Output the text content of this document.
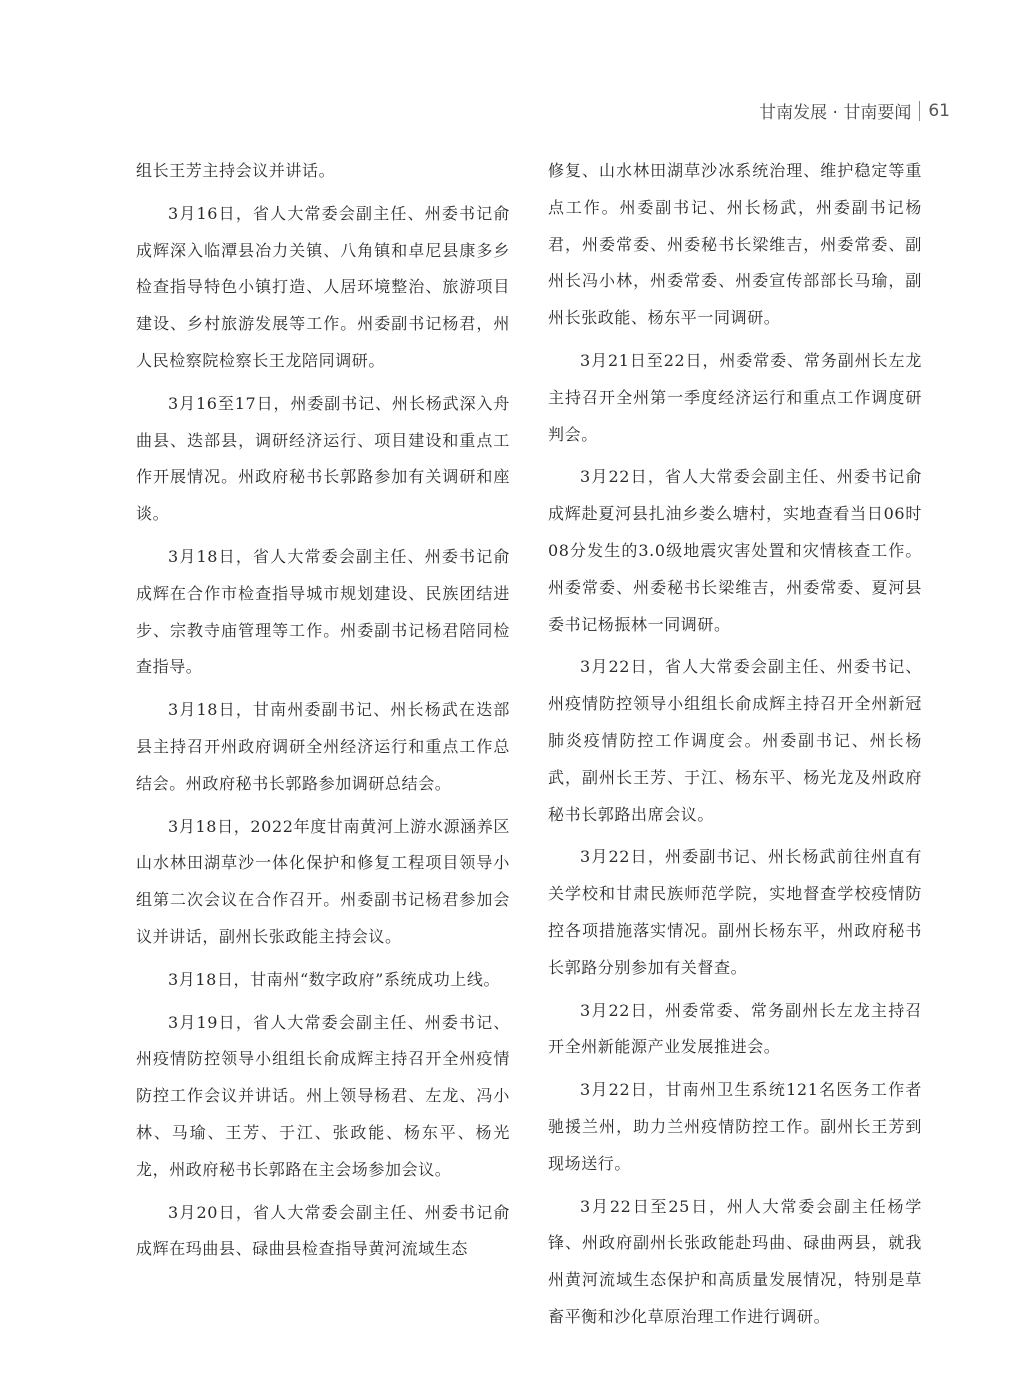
甘南发展 · 甘南要闻 61

组长王芳主持会议并讲话。

3月16日，省人大常委会副主任、州委书记俞成辉深入临潭县冶力关镇、八角镇和卓尼县康多乡检查指导特色小镇打造、人居环境整治、旅游项目建设、乡村旅游发展等工作。州委副书记杨君，州人民检察院检察长王龙陪同调研。

3月16至17日，州委副书记、州长杨武深入舟曲县、迭部县，调研经济运行、项目建设和重点工作开展情况。州政府秘书长郭路参加有关调研和座谈。

3月18日，省人大常委会副主任、州委书记俞成辉在合作市检查指导城市规划建设、民族团结进步、宗教寺庙管理等工作。州委副书记杨君陪同检查指导。

3月18日，甘南州委副书记、州长杨武在迭部县主持召开州政府调研全州经济运行和重点工作总结会。州政府秘书长郭路参加调研总结会。

3月18日，2022年度甘南黄河上游水源涵养区山水林田湖草沙一体化保护和修复工程项目领导小组第二次会议在合作召开。州委副书记杨君参加会议并讲话，副州长张政能主持会议。

3月18日，甘南州“数字政府”系统成功上线。

3月19日，省人大常委会副主任、州委书记、州疫情防控领导小组组长俞成辉主持召开全州疫情防控工作会议并讲话。州上领导杨君、左龙、冯小林、马瑜、王芳、于江、张政能、杨东平、杨光龙，州政府秘书长郭路在主会场参加会议。

3月20日，省人大常委会副主任、州委书记俞成辉在玛曲县、碌曲县检查指导黄河流域生态

修复、山水林田湖草沙冰系统治理、维护稳定等重点工作。州委副书记、州长杨武，州委副书记杨君，州委常委、州委秘书长梁维吉，州委常委、副州长冯小林，州委常委、州委宣传部部长马瑜，副州长张政能、杨东平一同调研。

3月21日至22日，州委常委、常务副州长左龙主持召开全州第一季度经济运行和重点工作调度研判会。

3月22日，省人大常委会副主任、州委书记俞成辉赴夏河县扎油乡娄么塘村，实地查看当日06时08分发生的3.0级地震灾害处置和灾情核查工作。州委常委、州委秘书长梁维吉，州委常委、夏河县委书记杨振林一同调研。

3月22日，省人大常委会副主任、州委书记、州疫情防控领导小组组长俞成辉主持召开全州新冠肺炎疫情防控工作调度会。州委副书记、州长杨武，副州长王芳、于江、杨东平、杨光龙及州政府秘书长郭路出席会议。

3月22日，州委副书记、州长杨武前往州直有关学校和甘肃民族师范学院，实地督查学校疫情防控各项措施落实情况。副州长杨东平，州政府秘书长郭路分别参加有关督查。

3月22日，州委常委、常务副州长左龙主持召开全州新能源产业发展推进会。

3月22日，甘南州卫生系统121名医务工作者驰援兰州，助力兰州疫情防控工作。副州长王芳到现场送行。

3月22日至25日，州人大常委会副主任杨学锋、州政府副州长张政能赴玛曲、碌曲两县，就我州黄河流域生态保护和高质量发展情况，特别是草畜平衡和沙化草原治理工作进行调研。
